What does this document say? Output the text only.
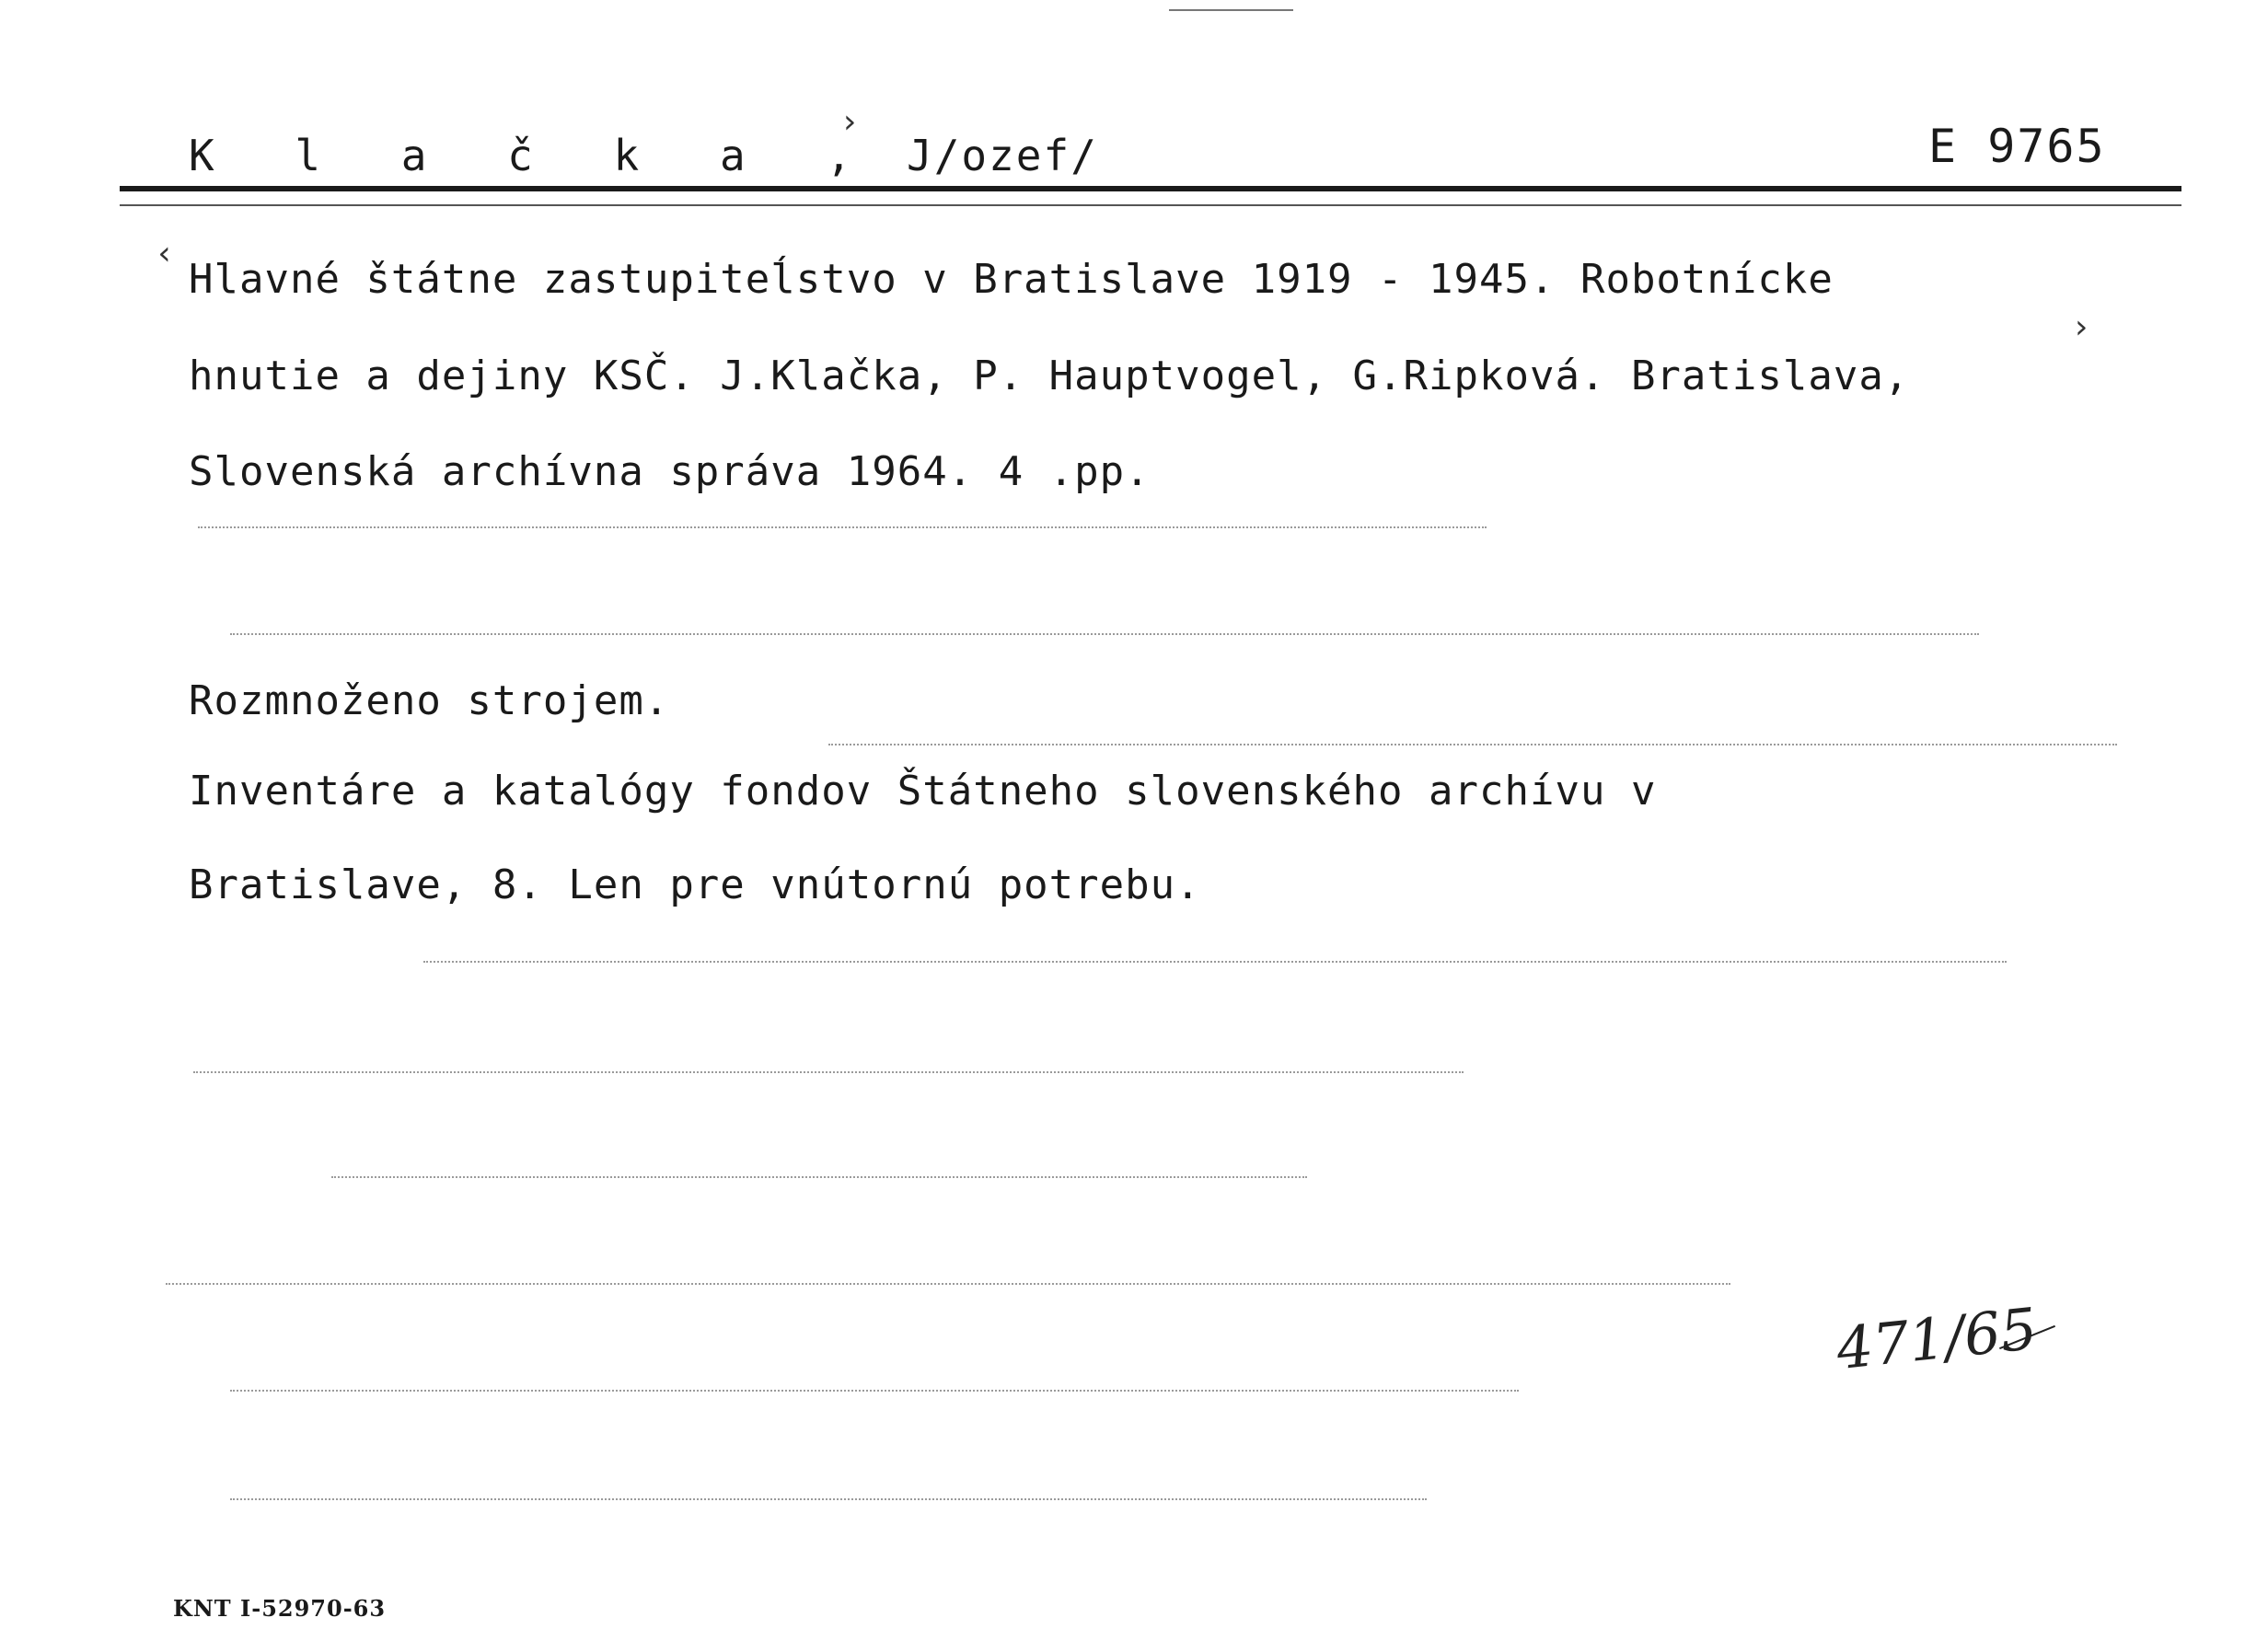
K l a č k a , J/ozef/	E 9765
Hlavné štátne zastupiteĺstvo v Bratislave 1919 - 1945. Robotnícke
hnutie a dejiny KSČ. J.Klačka, P. Hauptvogel, G.Ripková. Bratislava,
Slovenská archívna správa 1964. 4 .pp.
Rozmnoženo strojem.
Inventáre a katalógy fondov Štátneho slovenského archívu v
Bratislave, 8. Len pre vnútornú potrebu.
‹
›
›
471/65
KNT I-52970-63
